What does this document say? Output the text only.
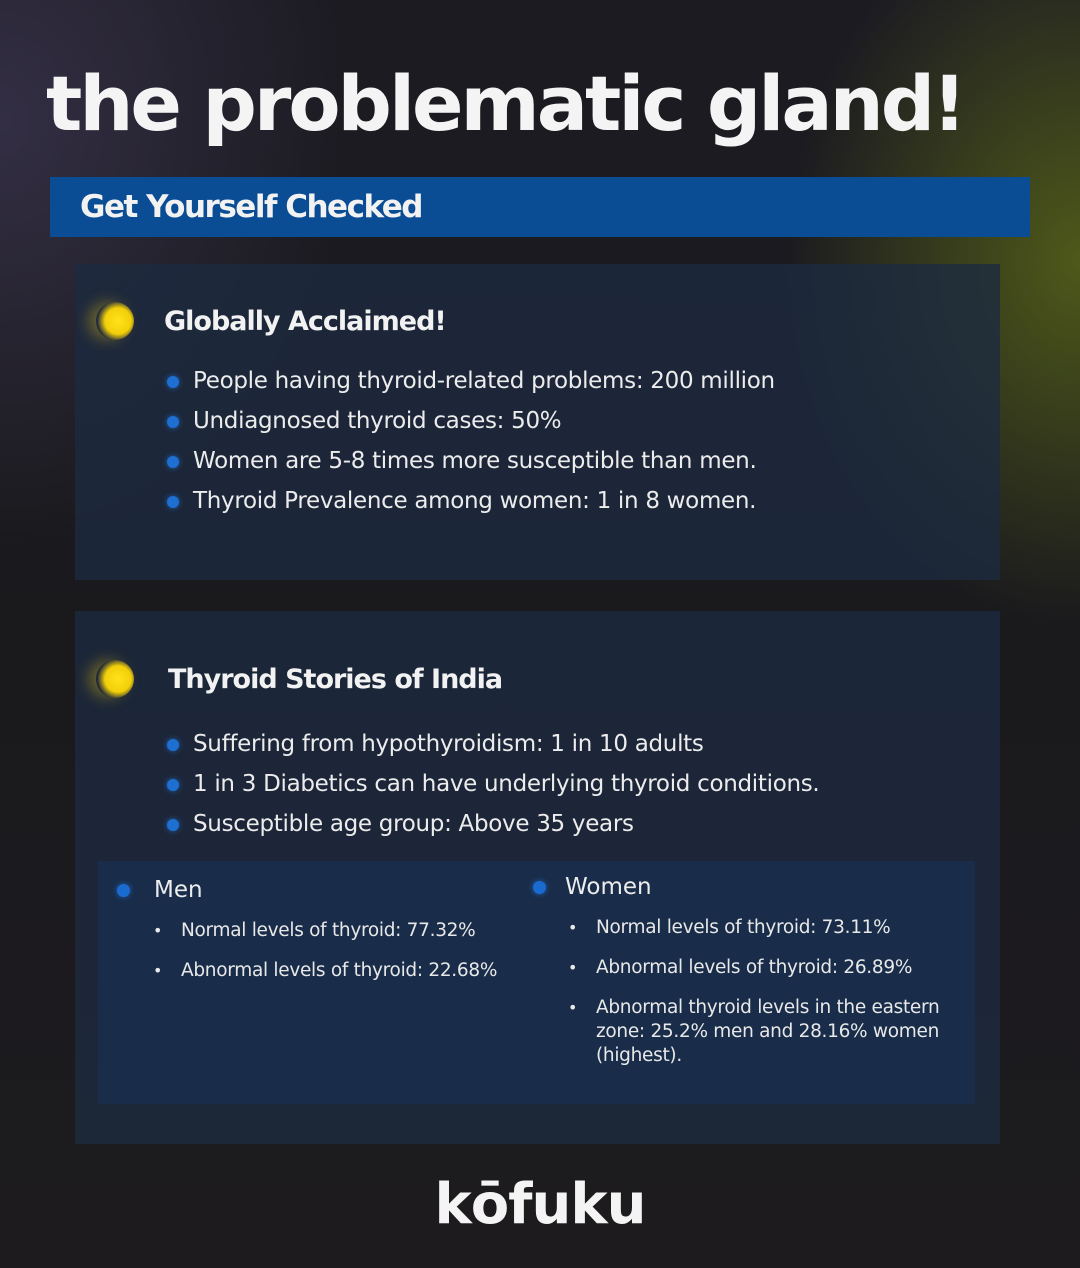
the problematic gland!
Get Yourself Checked
Globally Acclaimed!
People having thyroid-related problems: 200 million
Undiagnosed thyroid cases: 50%
Women are 5-8 times more susceptible than men.
Thyroid Prevalence among women: 1 in 8 women.
Thyroid Stories of India
Suffering from hypothyroidism: 1 in 10 adults
1 in 3 Diabetics can have underlying thyroid conditions.
Susceptible age group: Above 35 years
Men
• Normal levels of thyroid: 77.32%
• Abnormal levels of thyroid: 22.68%
Women
• Normal levels of thyroid: 73.11%
• Abnormal levels of thyroid: 26.89%
• Abnormal thyroid levels in the eastern zone: 25.2% men and 28.16% women (highest).
kōfuku
